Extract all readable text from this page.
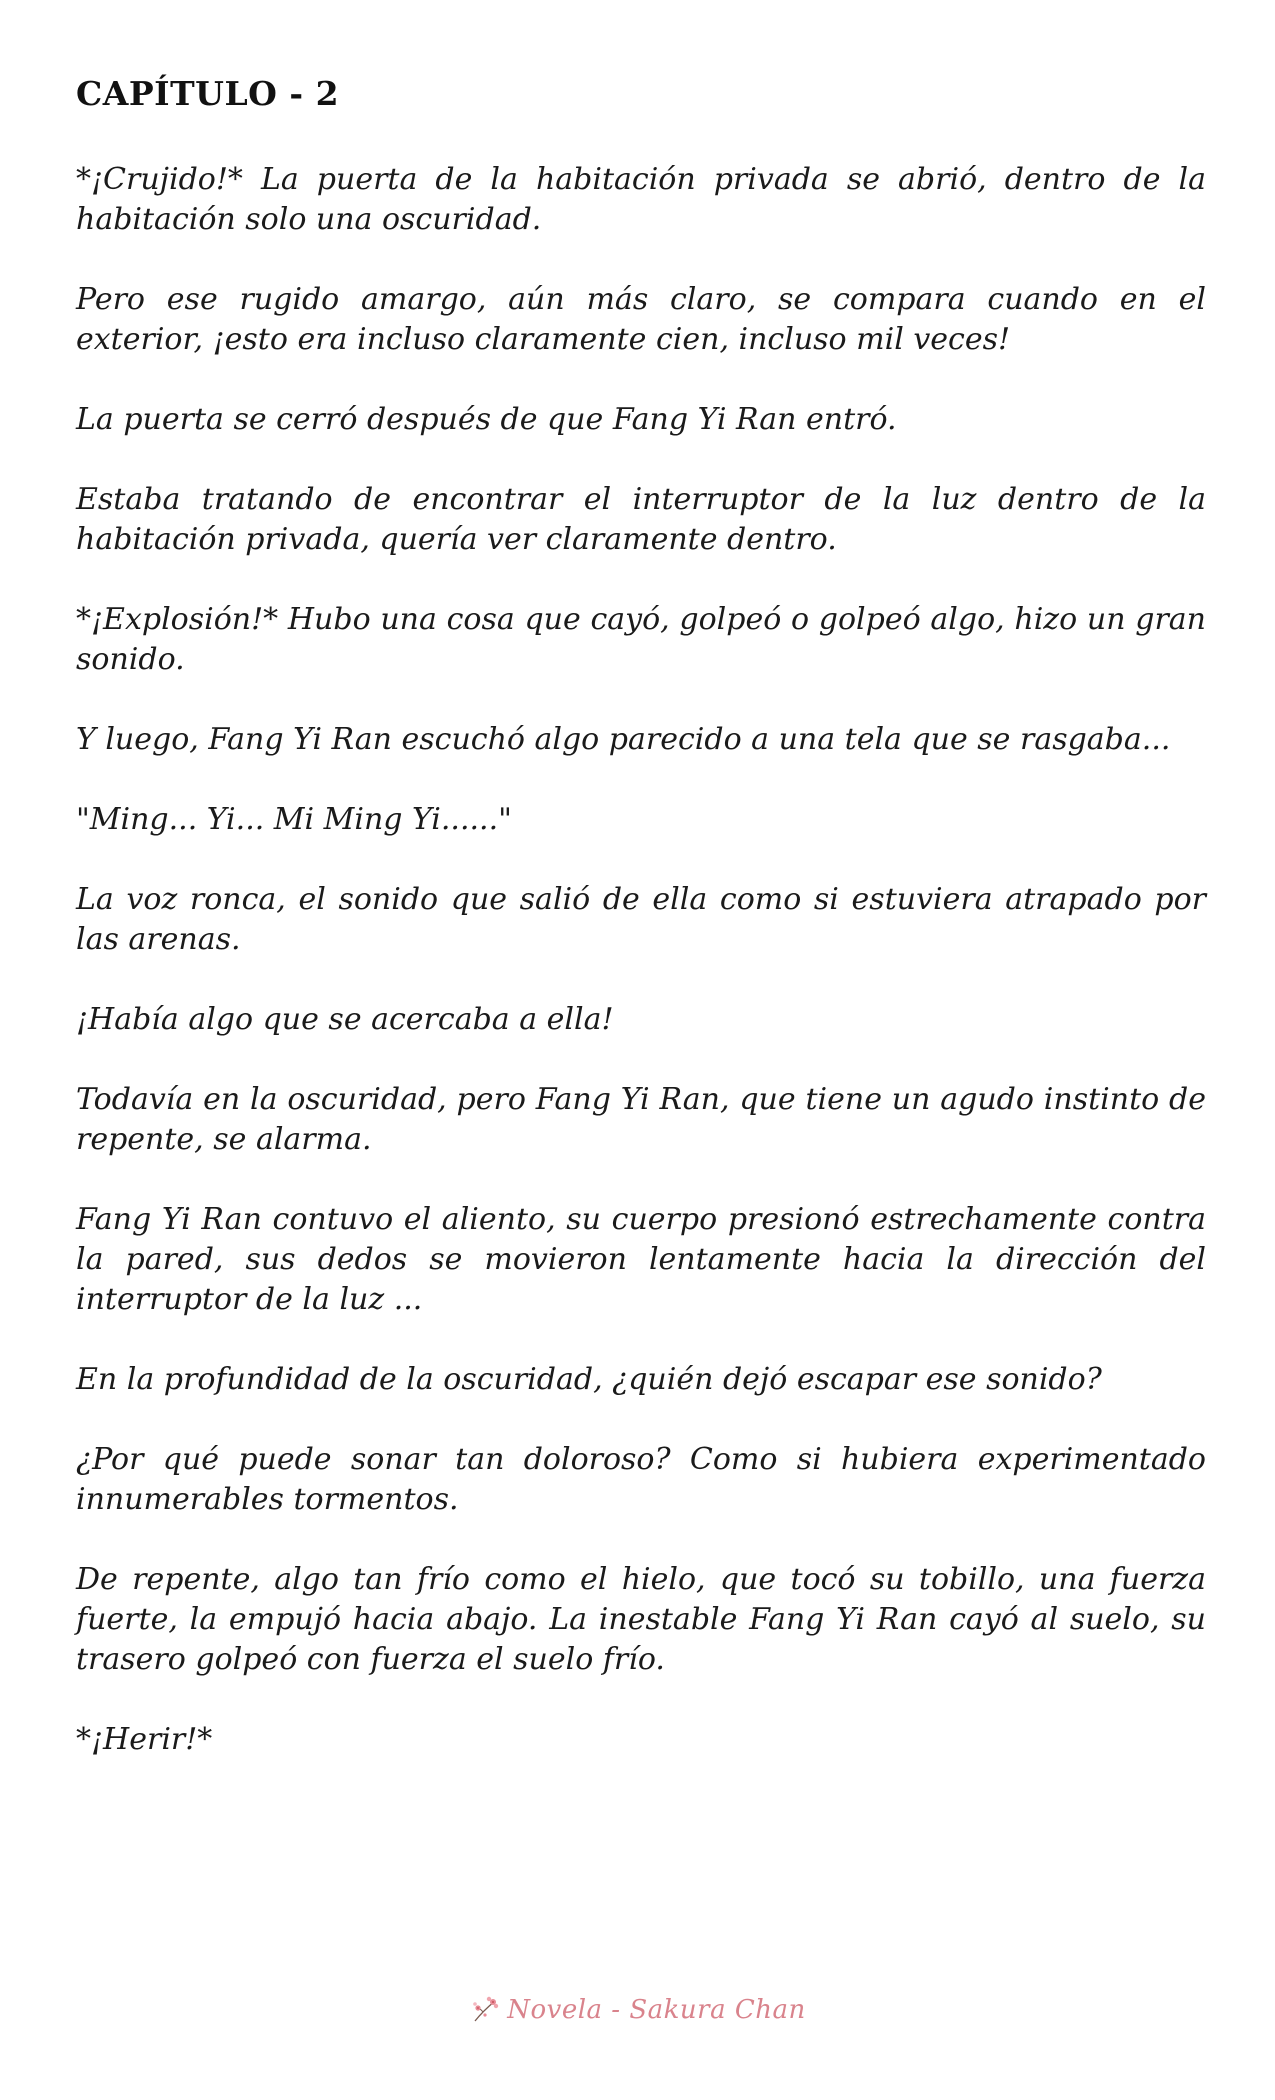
CAPÍTULO - 2

*¡Crujido!* La puerta de la habitación privada se abrió, dentro de la habitación solo una oscuridad.

Pero ese rugido amargo, aún más claro, se compara cuando en el exterior, ¡esto era incluso claramente cien, incluso mil veces!

La puerta se cerró después de que Fang Yi Ran entró.

Estaba tratando de encontrar el interruptor de la luz dentro de la habitación privada, quería ver claramente dentro.

*¡Explosión!* Hubo una cosa que cayó, golpeó o golpeó algo, hizo un gran sonido.

Y luego, Fang Yi Ran escuchó algo parecido a una tela que se rasgaba...

"Ming... Yi... Mi Ming Yi......"

La voz ronca, el sonido que salió de ella como si estuviera atrapado por las arenas.

¡Había algo que se acercaba a ella!

Todavía en la oscuridad, pero Fang Yi Ran, que tiene un agudo instinto de repente, se alarma.

Fang Yi Ran contuvo el aliento, su cuerpo presionó estrechamente contra la pared, sus dedos se movieron lentamente hacia la dirección del interruptor de la luz ...

En la profundidad de la oscuridad, ¿quién dejó escapar ese sonido?

¿Por qué puede sonar tan doloroso? Como si hubiera experimentado innumerables tormentos.

De repente, algo tan frío como el hielo, que tocó su tobillo, una fuerza fuerte, la empujó hacia abajo. La inestable Fang Yi Ran cayó al suelo, su trasero golpeó con fuerza el suelo frío.

*¡Herir!*

Novela - Sakura Chan
